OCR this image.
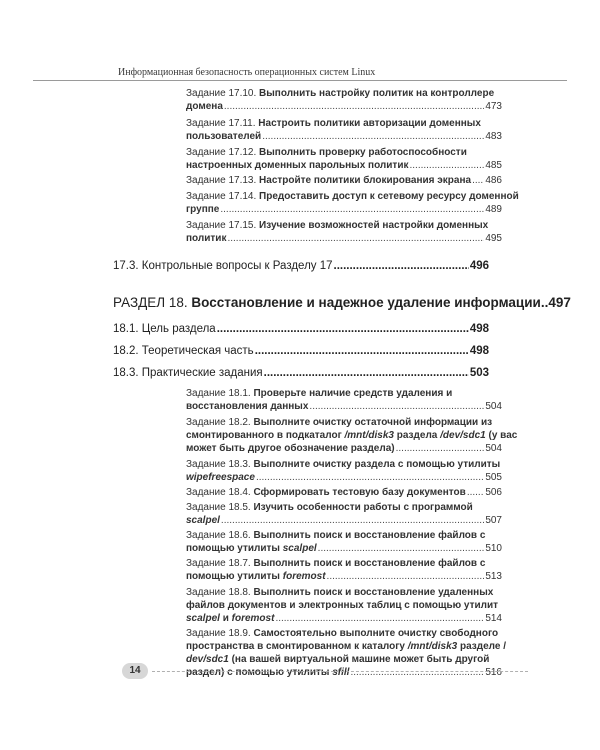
Информационная безопасность операционных систем Linux
Задание 17.10.
Выполнить настройку политик на контроллере
домена .....	473
Задание 17.11.
Настроить политики авторизации доменных
пользователей .....	483
Задание 17.12.
Выполнить проверку работоспособности
настроенных доменных парольных политик .....	485
Задание 17.13.
Настройте политики блокирования экрана ..... 486
Задание 17.14.
Предоставить доступ к сетевому ресурсу доменной
группе .....	489
Задание 17.15.
Изучение возможностей настройки доменных
политик .....	495
17.3. Контрольные вопросы к Разделу 17 .....	496
РАЗДЕЛ 18. Восстановление и надежное удаление информации..497
18.1. Цель раздела .....	498
18.2. Теоретическая часть .....	498
18.3. Практические задания .....	503
Задание 18.1.
Проверьте наличие средств удаления и
восстановления данных .....	504
Задание 18.2.
Выполните очистку остаточной информации из
смонтированного в подкаталог
/mnt/disk3
раздела
/dev/sdc1
(у вас
может быть другое обозначение раздела) .....	504
Задание 18.3.
Выполните очистку раздела с помощью утилиты
wipefreespace .....	505
Задание 18.4.
Сформировать тестовую базу документов ..... 506
Задание 18.5.
Изучить особенности работы с программой
scalpel .....	507
Задание 18.6.
Выполнить поиск и восстановление файлов с
помощью утилиты
scalpel .....	510
Задание 18.7.
Выполнить поиск и восстановление файлов с
помощью утилиты
foremost .....	513
Задание 18.8.
Выполнить поиск и восстановление удаленных
файлов документов и электронных таблиц с помощью утилит
scalpel
и
foremost .....	514
Задание 18.9.
Самостоятельно выполните очистку свободного
пространства в смонтированном к каталогу
/mnt/disk3
разделе /
dev/sdc1
(на вашей виртуальной машине может быть другой
раздел) с помощью утилиты
sfill .....	516
14
